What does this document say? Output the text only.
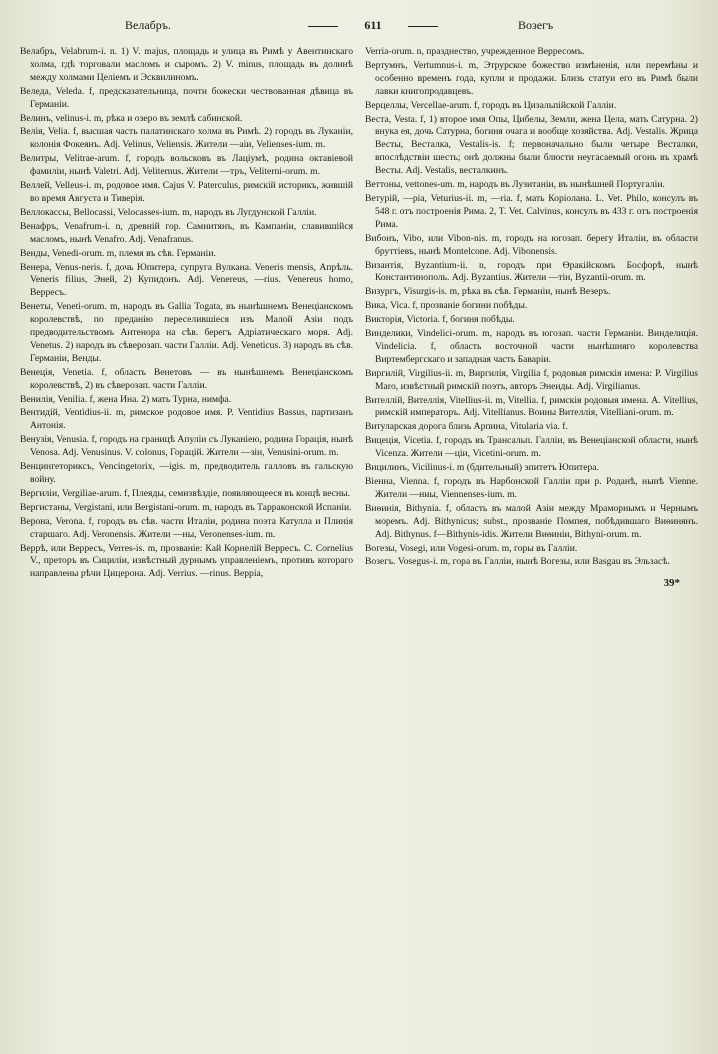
Велабръ.	611	Возегъ

Велабръ, Velabrum-i. n. 1) V. majus, площадь и улица въ Римѣ у Авентинскаго холма, гдѣ торговали масломъ и сыромъ. 2) V. minus, площадь въ долинѣ между холмами Целіемъ и Эсквилиномъ.

Веледа, Veleda. f, предсказательница, почти божески чествованная дѣвица въ Германіи.

Велинъ, velinus-i. m, рѣка и озеро въ землѣ сабинской.

Велія, Velia. f, высшая часть палатинскаго холма въ Римѣ. 2) городъ въ Луканіи, колонія Фокеянъ. Adj. Velinus, Veliensis. Жители —аіи, Velienses-ium. m.

Велитры, Velitrae-arum. f, городъ вольсковъ въ Лаціумѣ, родина октавіевой фамиліи, нынѣ Valetri. Adj. Veliternus. Жители —тръ, Veliterni-orum. m.

Веллей, Velleus-i. m, родовое имя. Cajus V. Paterculus, римскій историкъ, жившій во время Августа и Тиверія.

Веллокассы, Bellocassi, Velocasses-ium. m, народъ въ Лугдунской Галліи.

Венафръ, Venafrum-i. n, древній гор. Самнитянъ, въ Кампаніи, славившійся масломъ, нынѣ Venafro. Adj. Venafranus.

Венды, Venedi-orum. m, племя въ сѣв. Германіи.

Венера, Venus-neris. f, дочь Юпитера, супруга Вулкана. Veneris mensis, Апрѣль. Veneris filius, Эней, 2) Купидонъ. Adj. Venereus, —rius. Venereus homo, Верресъ.

Венеты, Veneti-orum. m, народъ въ Gallia Togata, въ нынѣшнемъ Венеціанскомъ королевствѣ, по преданію переселившіеся изъ Малой Азіи подъ предводительствомъ Антенора на сѣв. берегъ Адріатическаго моря. Adj. Venetus. 2) народъ въ сѣверозап. части Галліи. Adj. Veneticus. 3) народъ въ сѣв. Германіи, Венды.

Венеція, Venetia. f, область Венетовъ — въ нынѣшнемъ Венеціанскомъ королевствѣ, 2) въ сѣверозап. части Галліи.

Венилія, Venilia. f, жена Ина. 2) мать Турна, нимфа.

Вентидій, Ventidius-ii. m, римское родовое имя. P. Ventidius Bassus, партизанъ Антонія.

Венузія, Venusia. f, городъ на границѣ Апуліи съ Луканіею, родина Горація, нынѣ Venosa. Adj. Venusinus. V. colonus, Горацій. Жители —зін, Venusini-orum. m.

Венцингеториксъ, Vencingetorix, —igis. m, предводитель галловъ въ гальскую войну.

Вергиліи, Vergiliae-arum. f, Плеяды, семизвѣздіе, появляющееся въ концѣ весны.

Вергистаны, Vergistani, или Bergistani-orum. m, народъ въ Тарраконской Испаніи.

Верона, Verona. f, городъ въ сѣв. части Италіи, родина поэта Катулла и Плинія старшаго. Adj. Veronensis. Жители —ны, Veronenses-ium. m.

Веррѣ, или Верресъ, Verres-is. m, прозваніе: Кай Корнелій Верресъ. C. Cornelius V., преторъ въ Сициліи, извѣстный дурнымъ управленіемъ, противъ котораго направлены рѣчи Цицерона. Adj. Verrius. —rinus. Верріа,

Verria-orum. n, празднество, учрежденное Верресомъ.

Вертумнъ, Vertumnus-i. m, Этрурское божество измѣненія, или перемѣны и особенно временъ года, купли и продажи. Близь статуи его въ Римѣ были лавки книгопродавцевъ.

Верцеллы, Vercellae-arum. f, городъ въ Цизальпійской Галліи.

Веста, Vesta. f, 1) второе имя Опы, Цибелы, Земли, жена Цела, мать Сатурна. 2) внука ея, дочь Сатурна, богиня очага и вообще хозяйства. Adj. Vestalis. Жрица Весты, Весталка, Vestalis-is. f; первоначально были четыре Весталки, впослѣдствіи шесть; онѣ должны были блюсти неугасаемый огонь въ храмѣ Весты. Adj. Vestalis, весталкинъ.

Веттоны, vettones-um. m, народъ въ Лузитаніи, въ нынѣшней Португаліи.

Ветурій, —ріа, Veturius-ii. m, —ria. f, мать Коріолана. L. Vet. Philo, консулъ въ 548 г. отъ построенія Рима. 2, T. Vet. Calvinus, консулъ въ 433 г. отъ построенія Рима.

Вибонъ, Vibo, или Vibon-nis. m, городъ на югозап. берегу Италіи, въ области бруттіевъ, нынѣ Montelcone. Adj. Vibonensis.

Византія, Byzantium-ii. n, городъ при Өракійскомъ Босфорѣ, нынѣ Константинополь. Adj. Byzantius. Жители —тін, Byzantii-orum. m.

Визургъ, Visurgis-is. m, рѣка въ сѣв. Германіи, нынѣ Везеръ.

Вика, Vica. f, прозваніе богини побѣды.

Викторія, Victoria. f, богиня побѣды.

Винделики, Vindelici-orum. m, народъ въ югозап. части Германіи. Винделиція. Vindelicia. f, область восточной части нынѣшняго королевства Виртембергскаго и западная часть Баваріи.

Виргилій, Virgilius-ii. m, Виргилія, Virgilia f, родовыя римскія имена: P. Virgilius Maro, извѣстный римскій поэтъ, авторъ Энеиды. Adj. Virgilianus.

Вителлій, Вителлія, Vitellius-ii. m, Vitellia. f, римскія родовыя имена. A. Vitellius, римскій императоръ. Adj. Vitellianus. Воины Вителлія, Vitelliani-orum. m.

Витуларская дорога близь Арпина, Vitularia via. f.

Вицеція, Vicetia. f, городъ въ Трансальп. Галліи, въ Венеціанской области, нынѣ Vicenza. Жители —ціи, Vicetini-orum. m.

Вицилинъ, Vicilinus-i. m (бдительный) эпитетъ Юпитера.

Віенна, Vienna. f, городъ въ Нарбонской Галліи при р. Роданѣ, нынѣ Vienne. Жители —ниы, Viennenses-ium. m.

Виѳинія, Bithynia. f, область въ малой Азіи между Мраморнымъ и Чернымъ моремъ. Adj. Bithynicus; subst., прозваніе Помпея, побѣдившаго Виѳинянъ. Adj. Bithynus. f—Bithynis-idis. Жители Виѳиніи, Bithyni-orum. m.

Вогезы, Vosegi, или Vogesi-orum. m, горы въ Галліи.

Возегъ. Vosegus-i. m, гора въ Галліи, нынѣ Вогезы, или Basgau въ Эльзасѣ.

39*
